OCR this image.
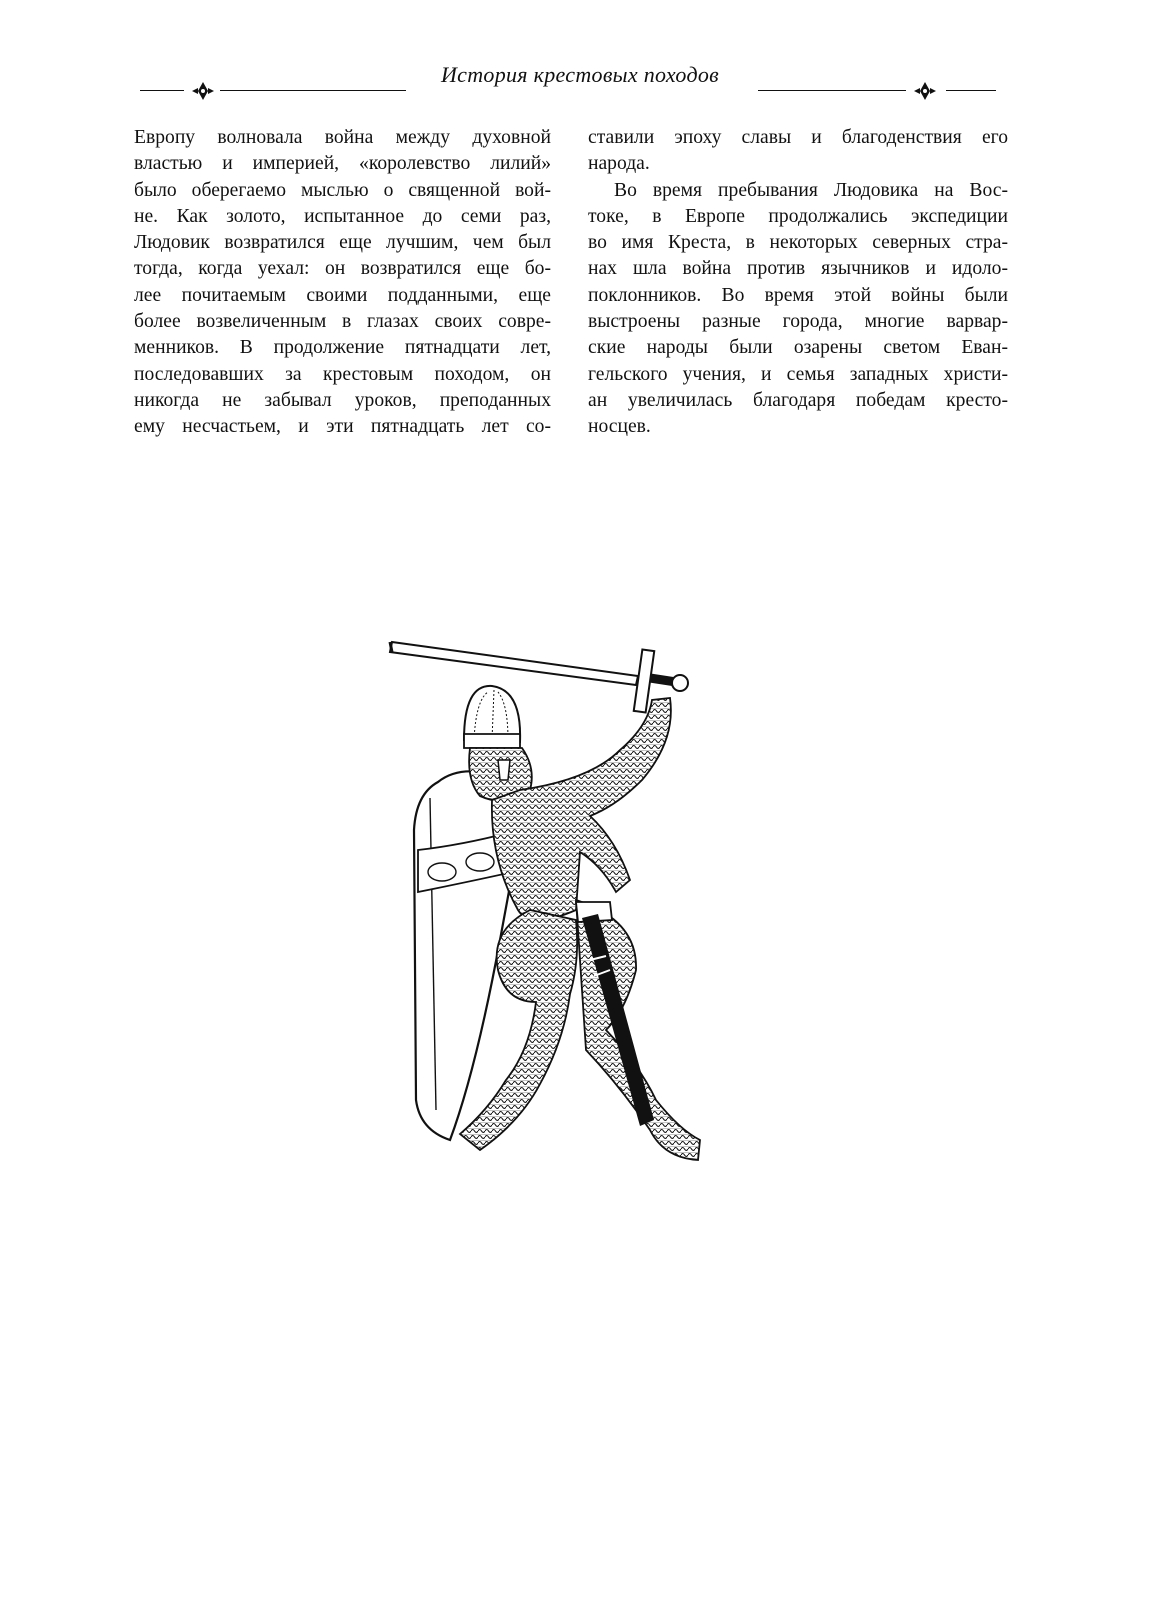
История крестовых походов
Европу волновала война между духовной
властью и империей, «королевство лилий»
было оберегаемо мыслью о священной вой-
не. Как золото, испытанное до семи раз,
Людовик возвратился еще лучшим, чем был
тогда, когда уехал: он возвратился еще бо-
лее почитаемым своими подданными, еще
более возвеличенным в глазах своих совре-
менников. В продолжение пятнадцати лет,
последовавших за крестовым походом, он
никогда не забывал уроков, преподанных
ему несчастьем, и эти пятнадцать лет со-
ставили эпоху славы и благоденствия его
народа.
Во время пребывания Людовика на Вос-
токе, в Европе продолжались экспедиции
во имя Креста, в некоторых северных стра-
нах шла война против язычников и идоло-
поклонников. Во время этой войны были
выстроены разные города, многие варвар-
ские народы были озарены светом Еван-
гельского учения, и семья западных христи-
ан увеличилась благодаря победам кресто-
носцев.
